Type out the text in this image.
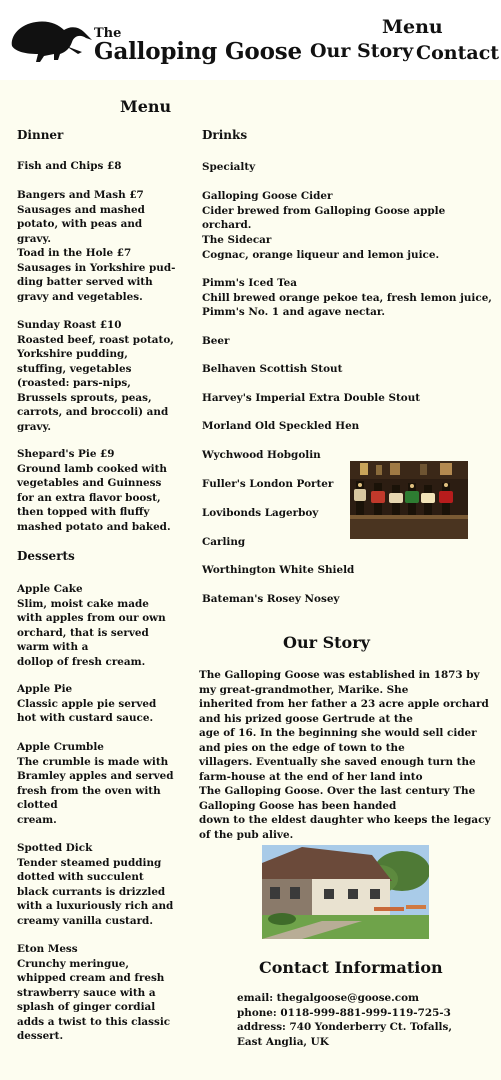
The
Galloping Goose
Menu
Our Story Contact
Menu
Dinner
Fish and Chips £8
Bangers and Mash £7
Sausages and mashed potato, with peas and gravy.
Toad in the Hole £7
Sausages in Yorkshire pud-ding batter served with gravy and vegetables.
Sunday Roast £10
Roasted beef, roast potato, Yorkshire pudding, stuffing, vegetables (roasted: pars-nips,
Brussels sprouts, peas, carrots, and broccoli) and gravy.
Shepard's Pie £9
Ground lamb cooked with vegetables and Guinness for an extra flavor boost, then topped with fluffy mashed potato and baked.
Desserts
Apple Cake
Slim, moist cake made with apples from our own orchard, that is served warm with a
dollop of fresh cream.
Apple Pie
Classic apple pie served hot with custard sauce.
Apple Crumble
The crumble is made with Bramley apples and served fresh from the oven with clotted
cream.
Spotted Dick
Tender steamed pudding dotted with succulent black currants is drizzled with a luxuriously rich and creamy vanilla custard.
Eton Mess
Crunchy meringue, whipped cream and fresh strawberry sauce with a splash of ginger cordial adds a twist to this classic dessert.
Drinks
Specialty
Galloping Goose Cider
Cider brewed from Galloping Goose apple orchard.
The Sidecar
Cognac, orange liqueur and lemon juice.
Pimm's Iced Tea
Chill brewed orange pekoe tea, fresh lemon juice, Pimm's No. 1 and agave nectar.
Beer
Belhaven Scottish Stout
Harvey's Imperial Extra Double Stout
Morland Old Speckled Hen
Wychwood Hobgolin
Fuller's London Porter
Lovibonds Lagerboy
Carling
Worthington White Shield
Bateman's Rosey Nosey
Our Story
The Galloping Goose was established in 1873 by my great-grandmother, Marike. She
inherited from her father a 23 acre apple orchard and his prized goose Gertrude at the
age of 16. In the beginning she would sell cider and pies on the edge of town to the
villagers. Eventually she saved enough turn the farm-house at the end of her land into
The Galloping Goose. Over the last century The Galloping Goose has been handed
down to the eldest daughter who keeps the legacy of the pub alive.
Contact Information
email: thegalgoose@goose.com
phone: 0118-999-881-999-119-725-3
address: 740 Yonderberry Ct. Tofalls, East Anglia, UK
